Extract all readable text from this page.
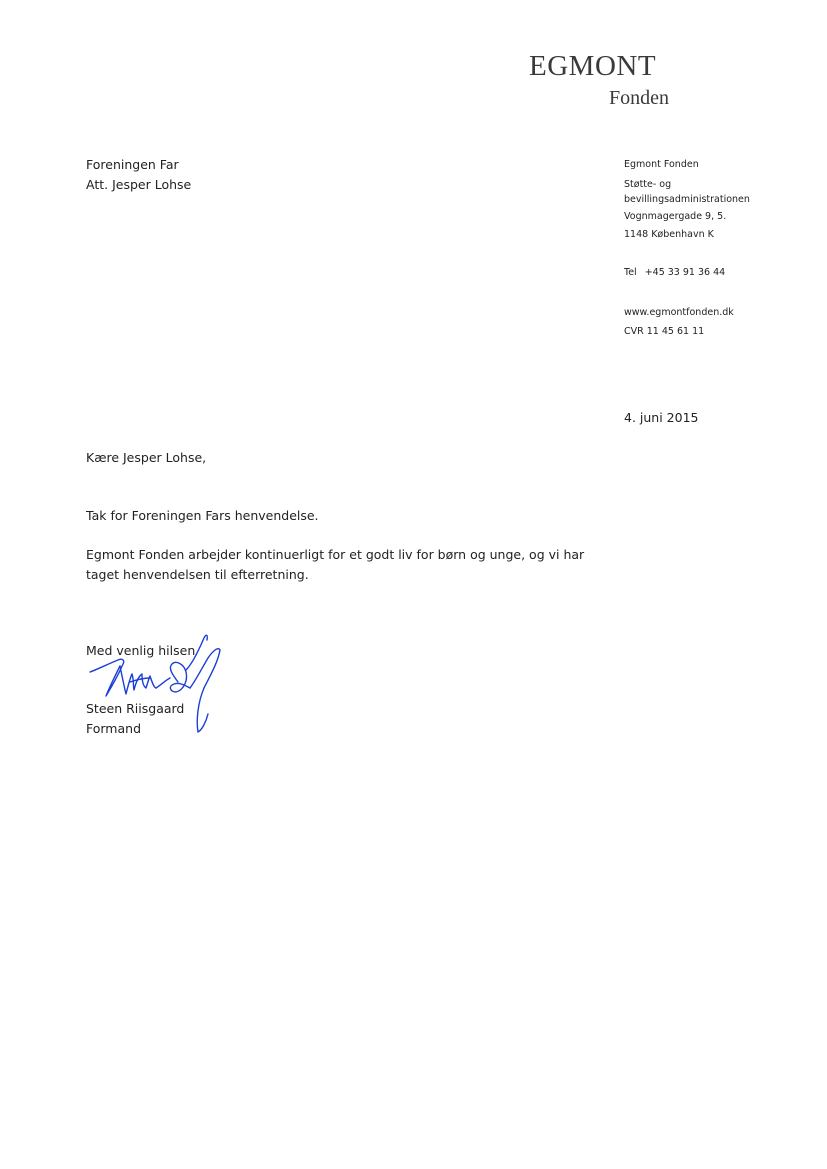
EGMONT
Fonden
Foreningen Far
Att. Jesper Lohse
Egmont Fonden
Støtte- og
bevillingsadministrationen
Vognmagergade 9, 5.
1148 København K
Tel +45 33 91 36 44
www.egmontfonden.dk
CVR 11 45 61 11
4. juni 2015
Kære Jesper Lohse,
Tak for Foreningen Fars henvendelse.
Egmont Fonden arbejder kontinuerligt for et godt liv for børn og unge, og vi har
taget henvendelsen til efterretning.
Med venlig hilsen
Steen Riisgaard
Formand
